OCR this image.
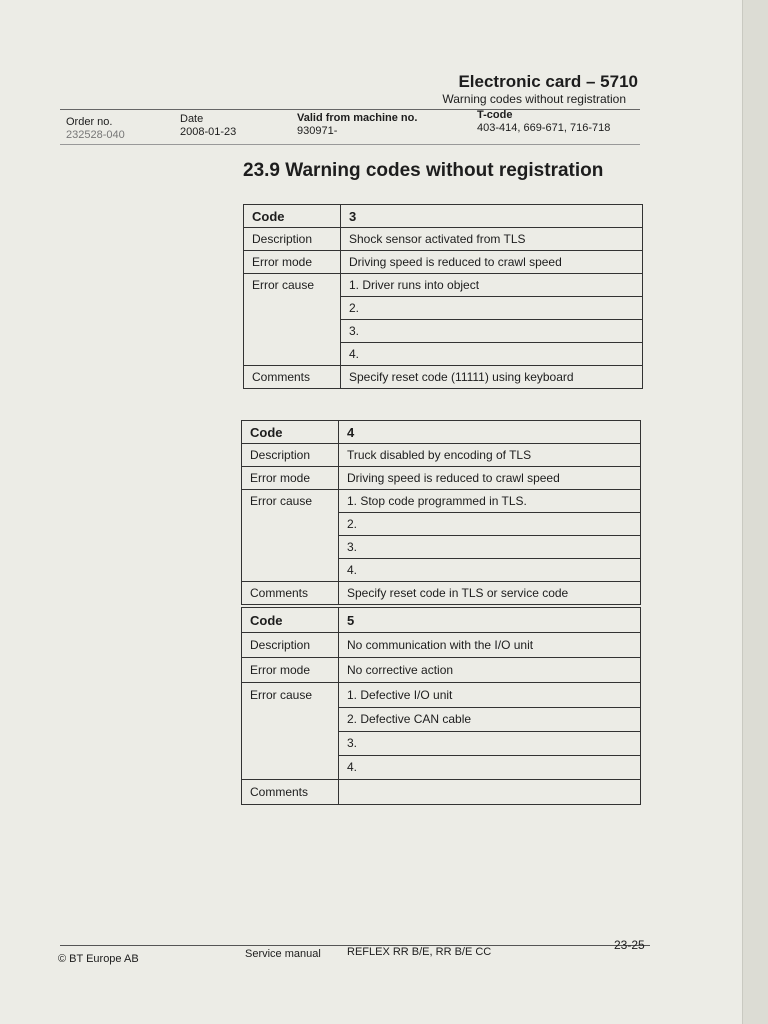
Electronic card – 5710
Warning codes without registration
Order no.
232528-040
Date
2008-01-23
Valid from machine no.
930971-
T-code
403-414, 669-671, 716-718
23.9 Warning codes without registration
Code	3
Description	Shock sensor activated from TLS
Error mode	Driving speed is reduced to crawl speed
Error cause	1. Driver runs into object
	2.
	3.
	4.
Comments	Specify reset code (11111) using keyboard
Code	4
Description	Truck disabled by encoding of TLS
Error mode	Driving speed is reduced to crawl speed
Error cause	1. Stop code programmed in TLS.
	2.
	3.
	4.
Comments	Specify reset code in TLS or service code
Code	5
Description	No communication with the I/O unit
Error mode	No corrective action
Error cause	1. Defective I/O unit
	2. Defective CAN cable
	3.
	4.
Comments	
© BT Europe AB	Service manual REFLEX RR B/E, RR B/E CC	23-25
